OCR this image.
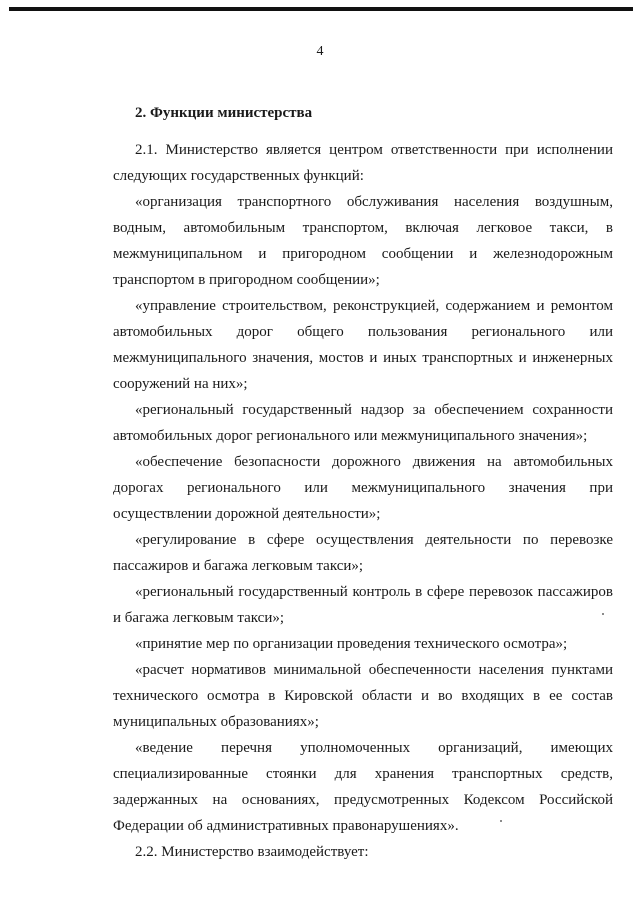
4
2. Функции министерства

2.1. Министерство является центром ответственности при исполнении следующих государственных функций:

«организация транспортного обслуживания населения воздушным, водным, автомобильным транспортом, включая легковое такси, в межмуниципальном и пригородном сообщении и железнодорожным транспортом в пригородном сообщении»;

«управление строительством, реконструкцией, содержанием и ремонтом автомобильных дорог общего пользования регионального или межмуниципального значения, мостов и иных транспортных и инженерных сооружений на них»;

«региональный государственный надзор за обеспечением сохранности автомобильных дорог регионального или межмуниципального значения»;

«обеспечение безопасности дорожного движения на автомобильных дорогах регионального или межмуниципального значения при осуществлении дорожной деятельности»;

«регулирование в сфере осуществления деятельности по перевозке пассажиров и багажа легковым такси»;

«региональный государственный контроль в сфере перевозок пассажиров и багажа легковым такси»;

«принятие мер по организации проведения технического осмотра»;

«расчет нормативов минимальной обеспеченности населения пунктами технического осмотра в Кировской области и во входящих в ее состав муниципальных образованиях»;

«ведение перечня уполномоченных организаций, имеющих специализированные стоянки для хранения транспортных средств, задержанных на основаниях, предусмотренных Кодексом Российской Федерации об административных правонарушениях».

2.2. Министерство взаимодействует:
